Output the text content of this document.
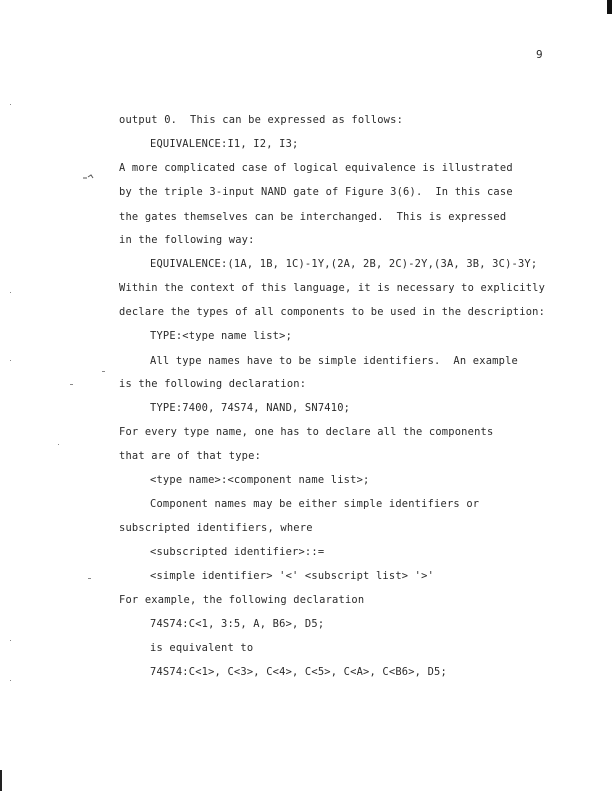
9
output 0.  This can be expressed as follows:
EQUIVALENCE:I1, I2, I3;
A more complicated case of logical equivalence is illustrated
by the triple 3-input NAND gate of Figure 3(6).  In this case
the gates themselves can be interchanged.  This is expressed
in the following way:
EQUIVALENCE:(1A, 1B, 1C)-1Y,(2A, 2B, 2C)-2Y,(3A, 3B, 3C)-3Y;
Within the context of this language, it is necessary to explicitly
declare the types of all components to be used in the description:
TYPE:<type name list>;
All type names have to be simple identifiers.  An example
is the following declaration:
TYPE:7400, 74S74, NAND, SN7410;
For every type name, one has to declare all the components
that are of that type:
<type name>:<component name list>;
Component names may be either simple identifiers or
subscripted identifiers, where
<subscripted identifier>::=
<simple identifier> '<' <subscript list> '>'
For example, the following declaration
74S74:C<1, 3:5, A, B6>, D5;
is equivalent to
74S74:C<1>, C<3>, C<4>, C<5>, C<A>, C<B6>, D5;
